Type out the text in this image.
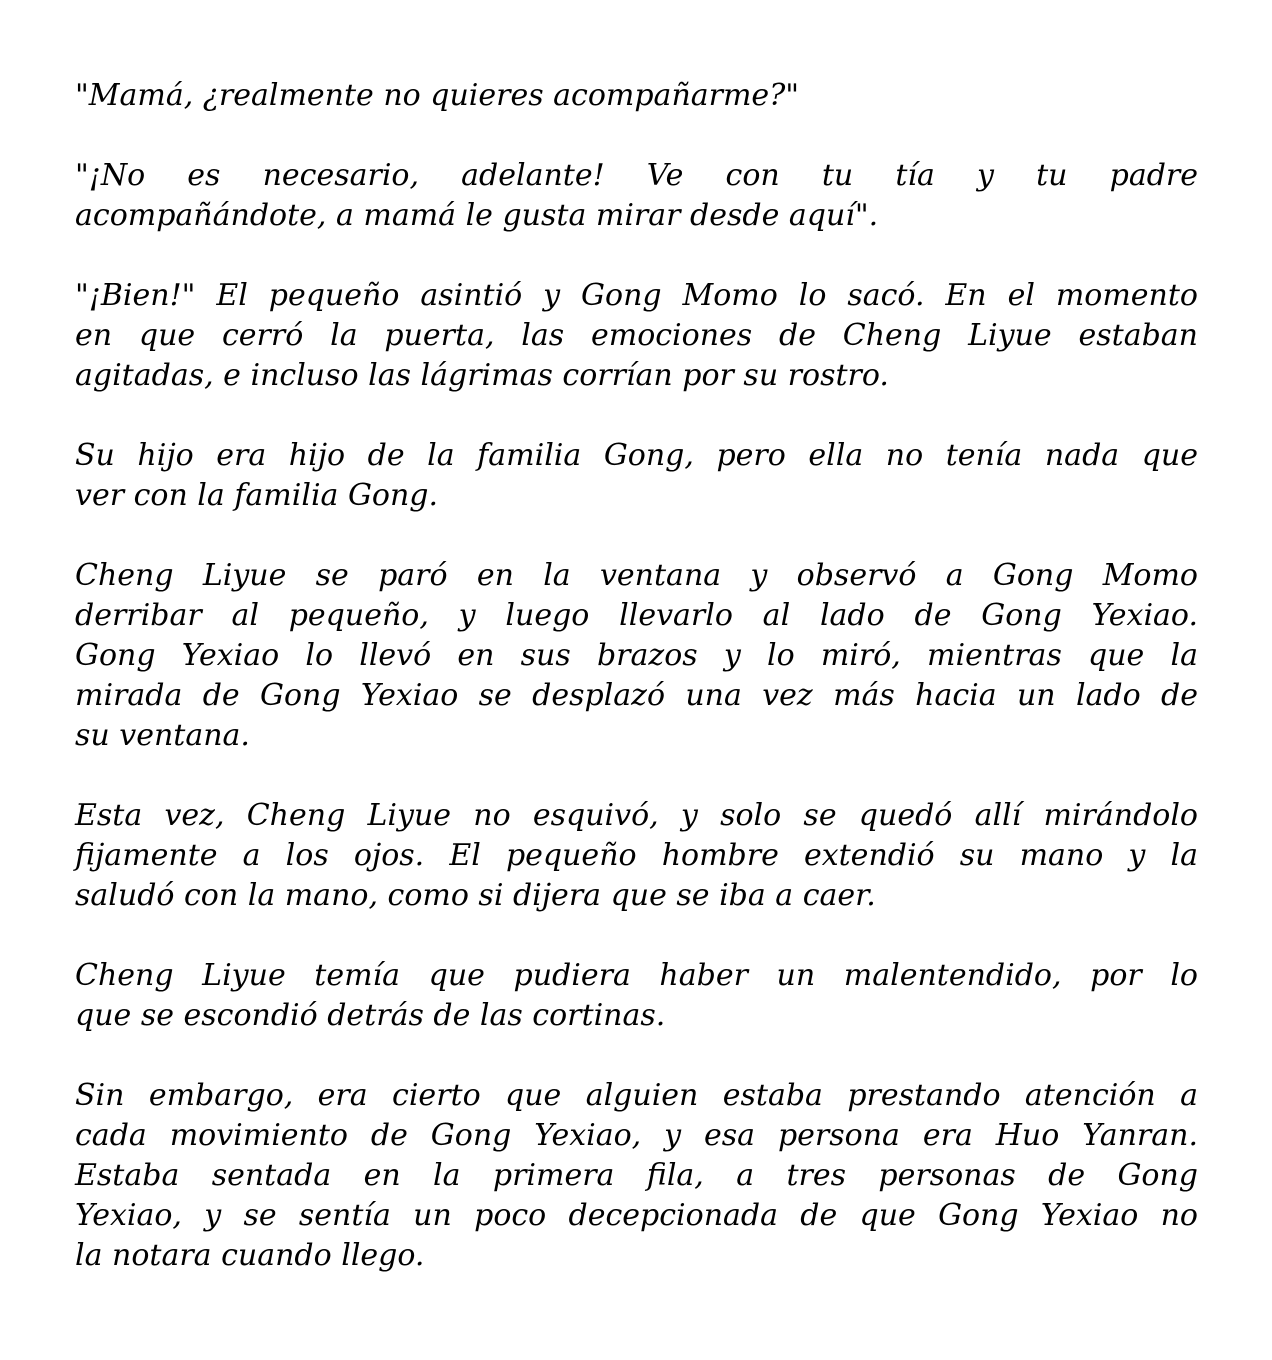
"Mamá, ¿realmente no quieres acompañarme?"
"¡No es necesario, adelante! Ve con tu tía y tu padre
acompañándote, a mamá le gusta mirar desde aquí".
"¡Bien!" El pequeño asintió y Gong Momo lo sacó. En el momento
en que cerró la puerta, las emociones de Cheng Liyue estaban
agitadas, e incluso las lágrimas corrían por su rostro.
Su hijo era hijo de la familia Gong, pero ella no tenía nada que
ver con la familia Gong.
Cheng Liyue se paró en la ventana y observó a Gong Momo
derribar al pequeño, y luego llevarlo al lado de Gong Yexiao.
Gong Yexiao lo llevó en sus brazos y lo miró, mientras que la
mirada de Gong Yexiao se desplazó una vez más hacia un lado de
su ventana.
Esta vez, Cheng Liyue no esquivó, y solo se quedó allí mirándolo
fijamente a los ojos. El pequeño hombre extendió su mano y la
saludó con la mano, como si dijera que se iba a caer.
Cheng Liyue temía que pudiera haber un malentendido, por lo
que se escondió detrás de las cortinas.
Sin embargo, era cierto que alguien estaba prestando atención a
cada movimiento de Gong Yexiao, y esa persona era Huo Yanran.
Estaba sentada en la primera fila, a tres personas de Gong
Yexiao, y se sentía un poco decepcionada de que Gong Yexiao no
la notara cuando llego.
